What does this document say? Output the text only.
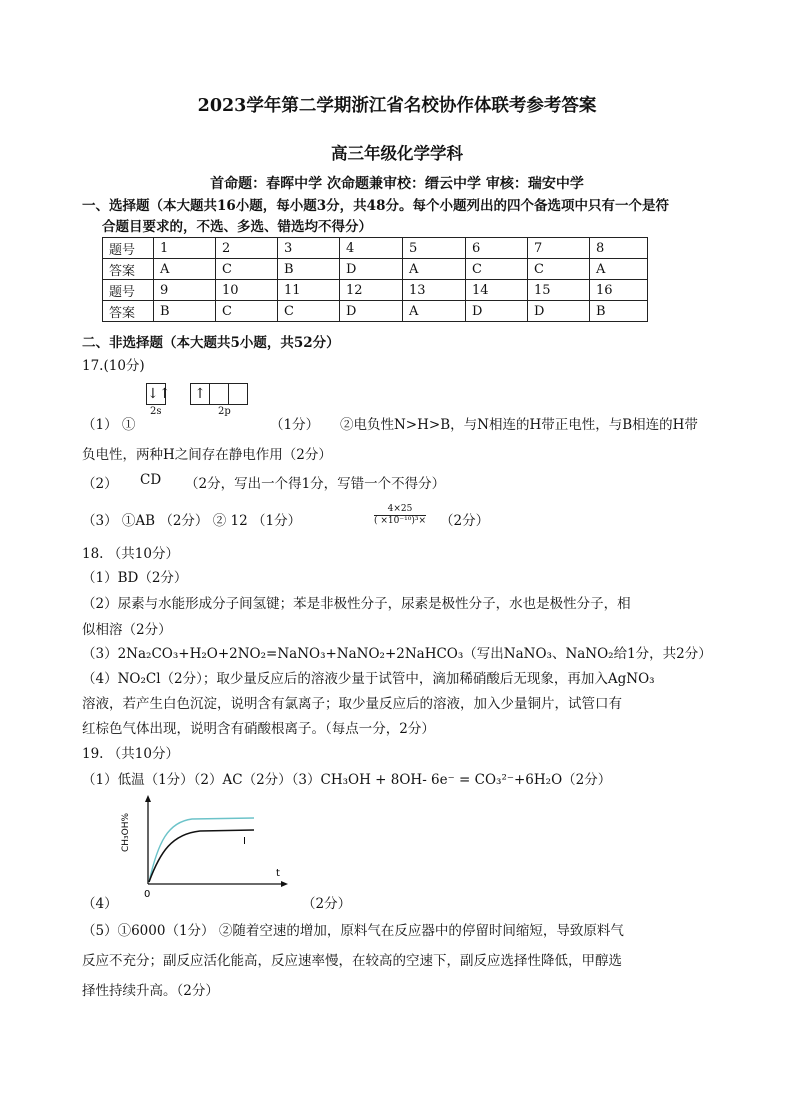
2023学年第二学期浙江省名校协作体联考参考答案
高三年级化学学科
首命题：春晖中学 次命题兼审校：缙云中学 审核：瑞安中学
一、选择题（本大题共16小题，每小题3分，共48分。每个小题列出的四个备选项中只有一个是符
合题目要求的，不选、多选、错选均不得分）
题号	1	2	3	4	5	6	7	8
答案	A	C	B	D	A	C	C	A
题号	9	10	11	12	13	14	15	16
答案	B	C	C	D	A	D	D	B
二、非选择题（本大题共5小题，共52分）
17.(10分)
↓↑
2s
↑
2p
（1） ①	（1分） ②电负性N>H>B，与N相连的H带正电性，与B相连的H带
负电性，两种H之间存在静电作用（2分）
（2） CD （2分，写出一个得1分，写错一个不得分）
（3） ①AB （2分） ② 12 （1分）	$\frac{4\times 25}{\text{( ×10⁻¹⁰)³×}} (2$分）
18. （共10分）
（1）BD（2分）
（2）尿素与水能形成分子间氢键；苯是非极性分子，尿素是极性分子，水也是极性分子，相
似相溶（2分）
（3）2Na₂CO₃+H₂O+2NO₂=NaNO₃+NaNO₂+2NaHCO₃（写出NaNO₃、NaNO₂给1分，共2分）
（4）NO₂Cl（2分）；取少量反应后的溶液少量于试管中，滴加稀硝酸后无现象，再加入AgNO₃
溶液，若产生白色沉淀，说明含有氯离子；取少量反应后的溶液，加入少量铜片，试管口有
红棕色气体出现，说明含有硝酸根离子。（每点一分，2分）
19. （共10分）
（1）低温（1分）（2）AC（2分）（3）CH₃OH + 8OH- 6e⁻ = CO₃²⁻+6H₂O（2分）
CH₃OH%
0
t
I
（4）	（2分）
（5）①6000（1分） ②随着空速的增加，原料气在反应器中的停留时间缩短，导致原料气
反应不充分；副反应活化能高，反应速率慢，在较高的空速下，副反应选择性降低，甲醇选
择性持续升高。（2分）
